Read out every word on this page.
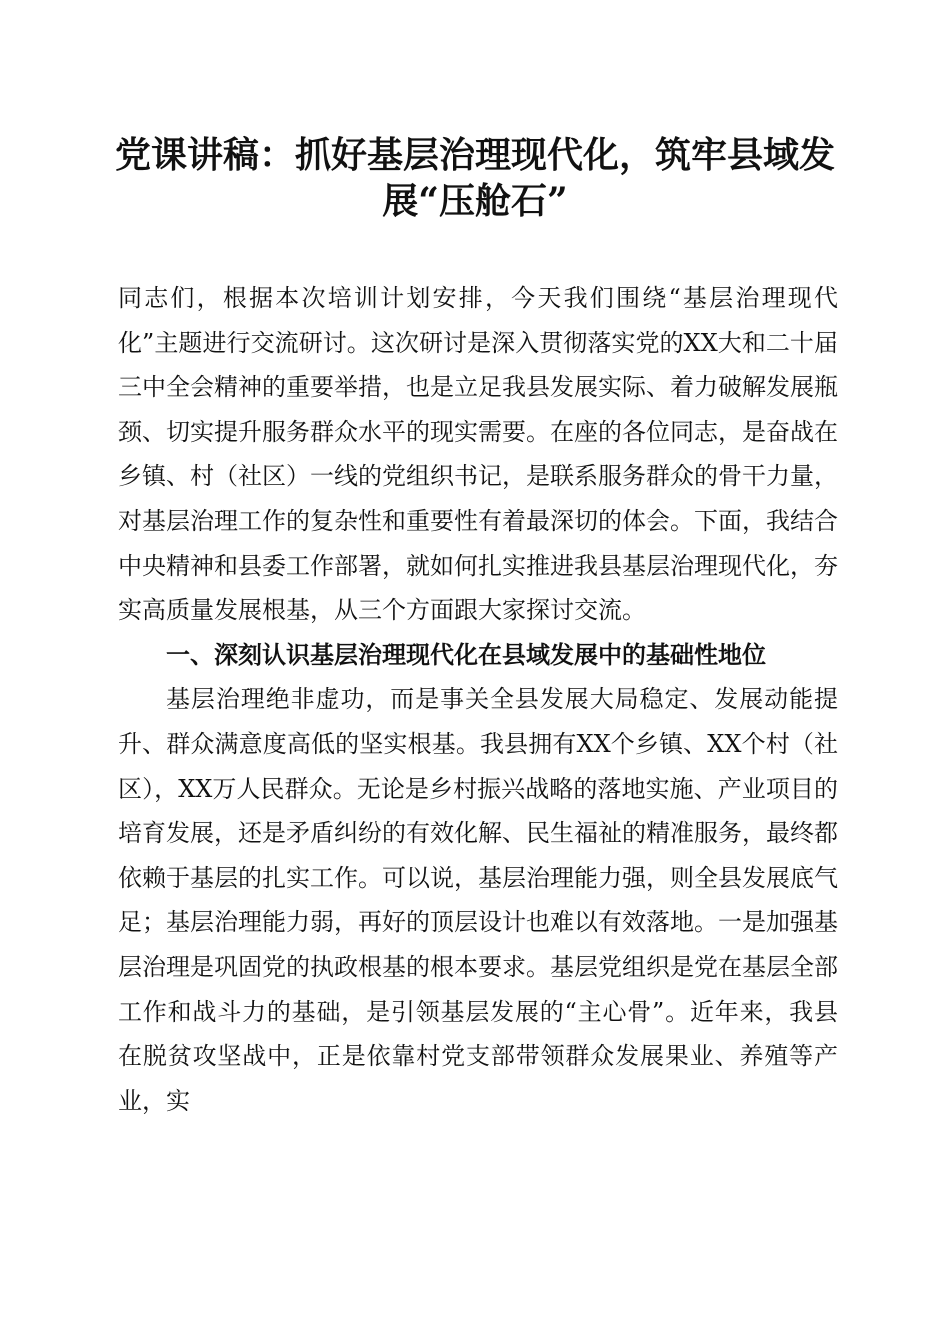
党课讲稿：抓好基层治理现代化，筑牢县域发
展“压舱石”

同志们，根据本次培训计划安排，今天我们围绕“基层治理现代化”主题进行交流研讨。这次研讨是深入贯彻落实党的XX大和二十届三中全会精神的重要举措，也是立足我县发展实际、着力破解发展瓶颈、切实提升服务群众水平的现实需要。在座的各位同志，是奋战在乡镇、村（社区）一线的党组织书记，是联系服务群众的骨干力量，对基层治理工作的复杂性和重要性有着最深切的体会。下面，我结合中央精神和县委工作部署，就如何扎实推进我县基层治理现代化，夯实高质量发展根基，从三个方面跟大家探讨交流。

一、深刻认识基层治理现代化在县域发展中的基础性地位

基层治理绝非虚功，而是事关全县发展大局稳定、发展动能提升、群众满意度高低的坚实根基。我县拥有XX个乡镇、XX个村（社区），XX万人民群众。无论是乡村振兴战略的落地实施、产业项目的培育发展，还是矛盾纠纷的有效化解、民生福祉的精准服务，最终都依赖于基层的扎实工作。可以说，基层治理能力强，则全县发展底气足；基层治理能力弱，再好的顶层设计也难以有效落地。一是加强基层治理是巩固党的执政根基的根本要求。基层党组织是党在基层全部工作和战斗力的基础，是引领基层发展的“主心骨”。近年来，我县在脱贫攻坚战中，正是依靠村党支部带领群众发展果业、养殖等产业，实
